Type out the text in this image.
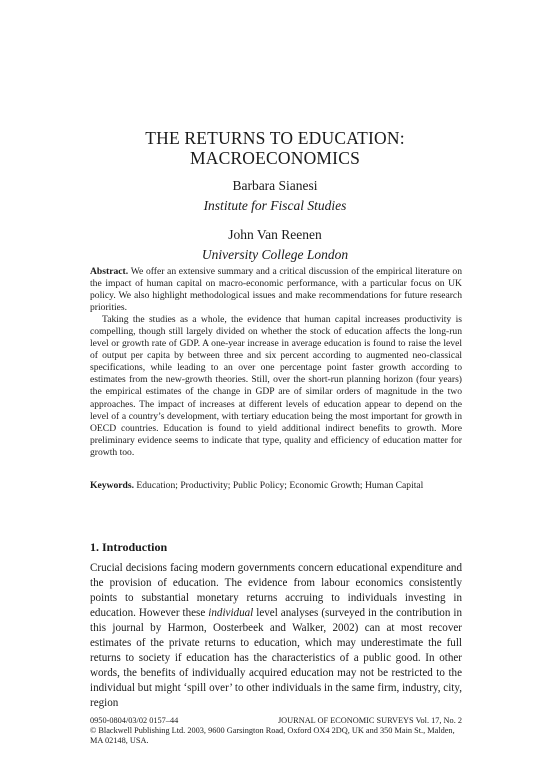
THE RETURNS TO EDUCATION:
MACROECONOMICS
Barbara Sianesi
Institute for Fiscal Studies
John Van Reenen
University College London

Abstract. We offer an extensive summary and a critical discussion of the empirical literature on the impact of human capital on macro-economic performance, with a particular focus on UK policy. We also highlight methodological issues and make recommendations for future research priorities.

Taking the studies as a whole, the evidence that human capital increases productivity is compelling, though still largely divided on whether the stock of education affects the long-run level or growth rate of GDP. A one-year increase in average education is found to raise the level of output per capita by between three and six percent according to augmented neo-classical specifications, while leading to an over one percentage point faster growth according to estimates from the new-growth theories. Still, over the short-run planning horizon (four years) the empirical estimates of the change in GDP are of similar orders of magnitude in the two approaches. The impact of increases at different levels of education appear to depend on the level of a country’s development, with tertiary education being the most important for growth in OECD countries. Education is found to yield additional indirect benefits to growth. More preliminary evidence seems to indicate that type, quality and efficiency of education matter for growth too.

Keywords. Education; Productivity; Public Policy; Economic Growth; Human Capital
1. Introduction

Crucial decisions facing modern governments concern educational expenditure and the provision of education. The evidence from labour economics consistently points to substantial monetary returns accruing to individuals investing in education. However these individual level analyses (surveyed in the contribution in this journal by Harmon, Oosterbeek and Walker, 2002) can at most recover estimates of the private returns to education, which may underestimate the full returns to society if education has the characteristics of a public good. In other words, the benefits of individually acquired education may not be restricted to the individual but might ‘spill over’ to other individuals in the same firm, industry, city, region

0950-0804/03/02 0157–44	JOURNAL OF ECONOMIC SURVEYS Vol. 17, No. 2
© Blackwell Publishing Ltd. 2003, 9600 Garsington Road, Oxford OX4 2DQ, UK and 350 Main St., Malden, MA 02148, USA.
